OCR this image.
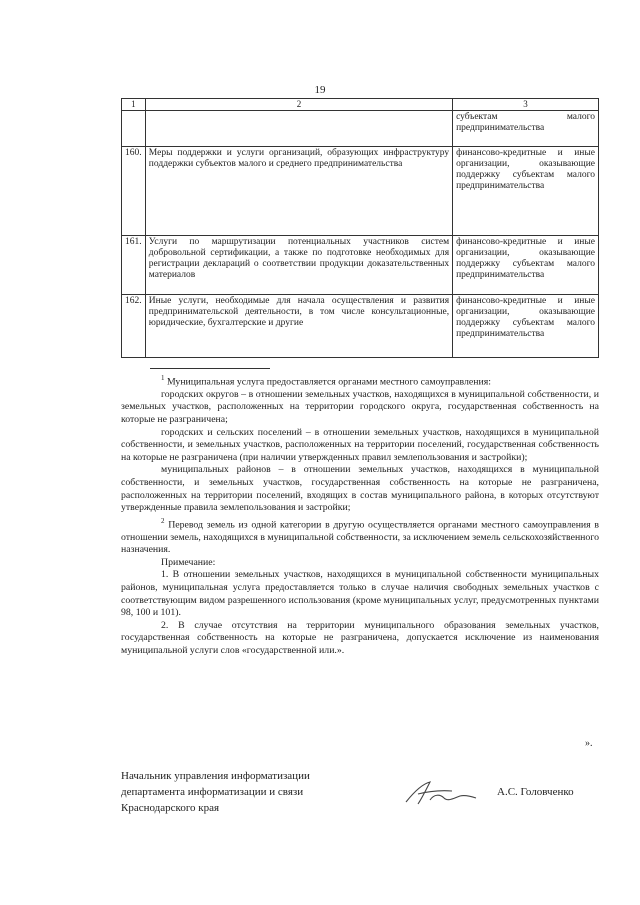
19
1	2	3
		субъектам малого предпринимательства
160.	Меры поддержки и услуги организаций, образующих инфраструктуру поддержки субъектов малого и среднего предпринимательства	финансово-кредитные и иные организации, оказывающие поддержку субъектам малого предпринимательства
161.	Услуги по маршрутизации потенциальных участников систем добровольной сертификации, а также по подготовке необходимых для регистрации деклараций о соответствии продукции доказательственных материалов	финансово-кредитные и иные организации, оказывающие поддержку субъектам малого предпринимательства
162.	Иные услуги, необходимые для начала осуществления и развития предпринимательской деятельности, в том числе консультационные, юридические, бухгалтерские и другие	финансово-кредитные и иные организации, оказывающие поддержку субъектам малого предпринимательства

$^1$ Муниципальная услуга предоставляется органами местного самоуправления:

городских округов – в отношении земельных участков, находящихся в муниципальной собственности, и земельных участков, расположенных на территории городского округа, государственная собственность на которые не разграничена;

городских и сельских поселений – в отношении земельных участков, находящихся в муниципальной собственности, и земельных участков, расположенных на территории поселений, государственная собственность на которые не разграничена (при наличии утвержденных правил землепользования и застройки);

муниципальных районов – в отношении земельных участков, находящихся в муниципальной собственности, и земельных участков, государственная собственность на которые не разграничена, расположенных на территории поселений, входящих в состав муниципального района, в которых отсутствуют утвержденные правила землепользования и застройки;

$^2$ Перевод земель из одной категории в другую осуществляется органами местного самоуправления в отношении земель, находящихся в муниципальной собственности, за исключением земель сельскохозяйственного назначения.

Примечание:

1. В отношении земельных участков, находящихся в муниципальной собственности муниципальных районов, муниципальная услуга предоставляется только в случае наличия свободных земельных участков с соответствующим видом разрешенного использования (кроме муниципальных услуг, предусмотренных пунктами 98, 100 и 101).

2. В случае отсутствия на территории муниципального образования земельных участков, государственная собственность на которые не разграничена, допускается исключение из наименования муниципальной услуги слов «государственной или.».

».
Начальник управления информатизации
департамента информатизации и связи
Краснодарского края
А.С. Головченко
